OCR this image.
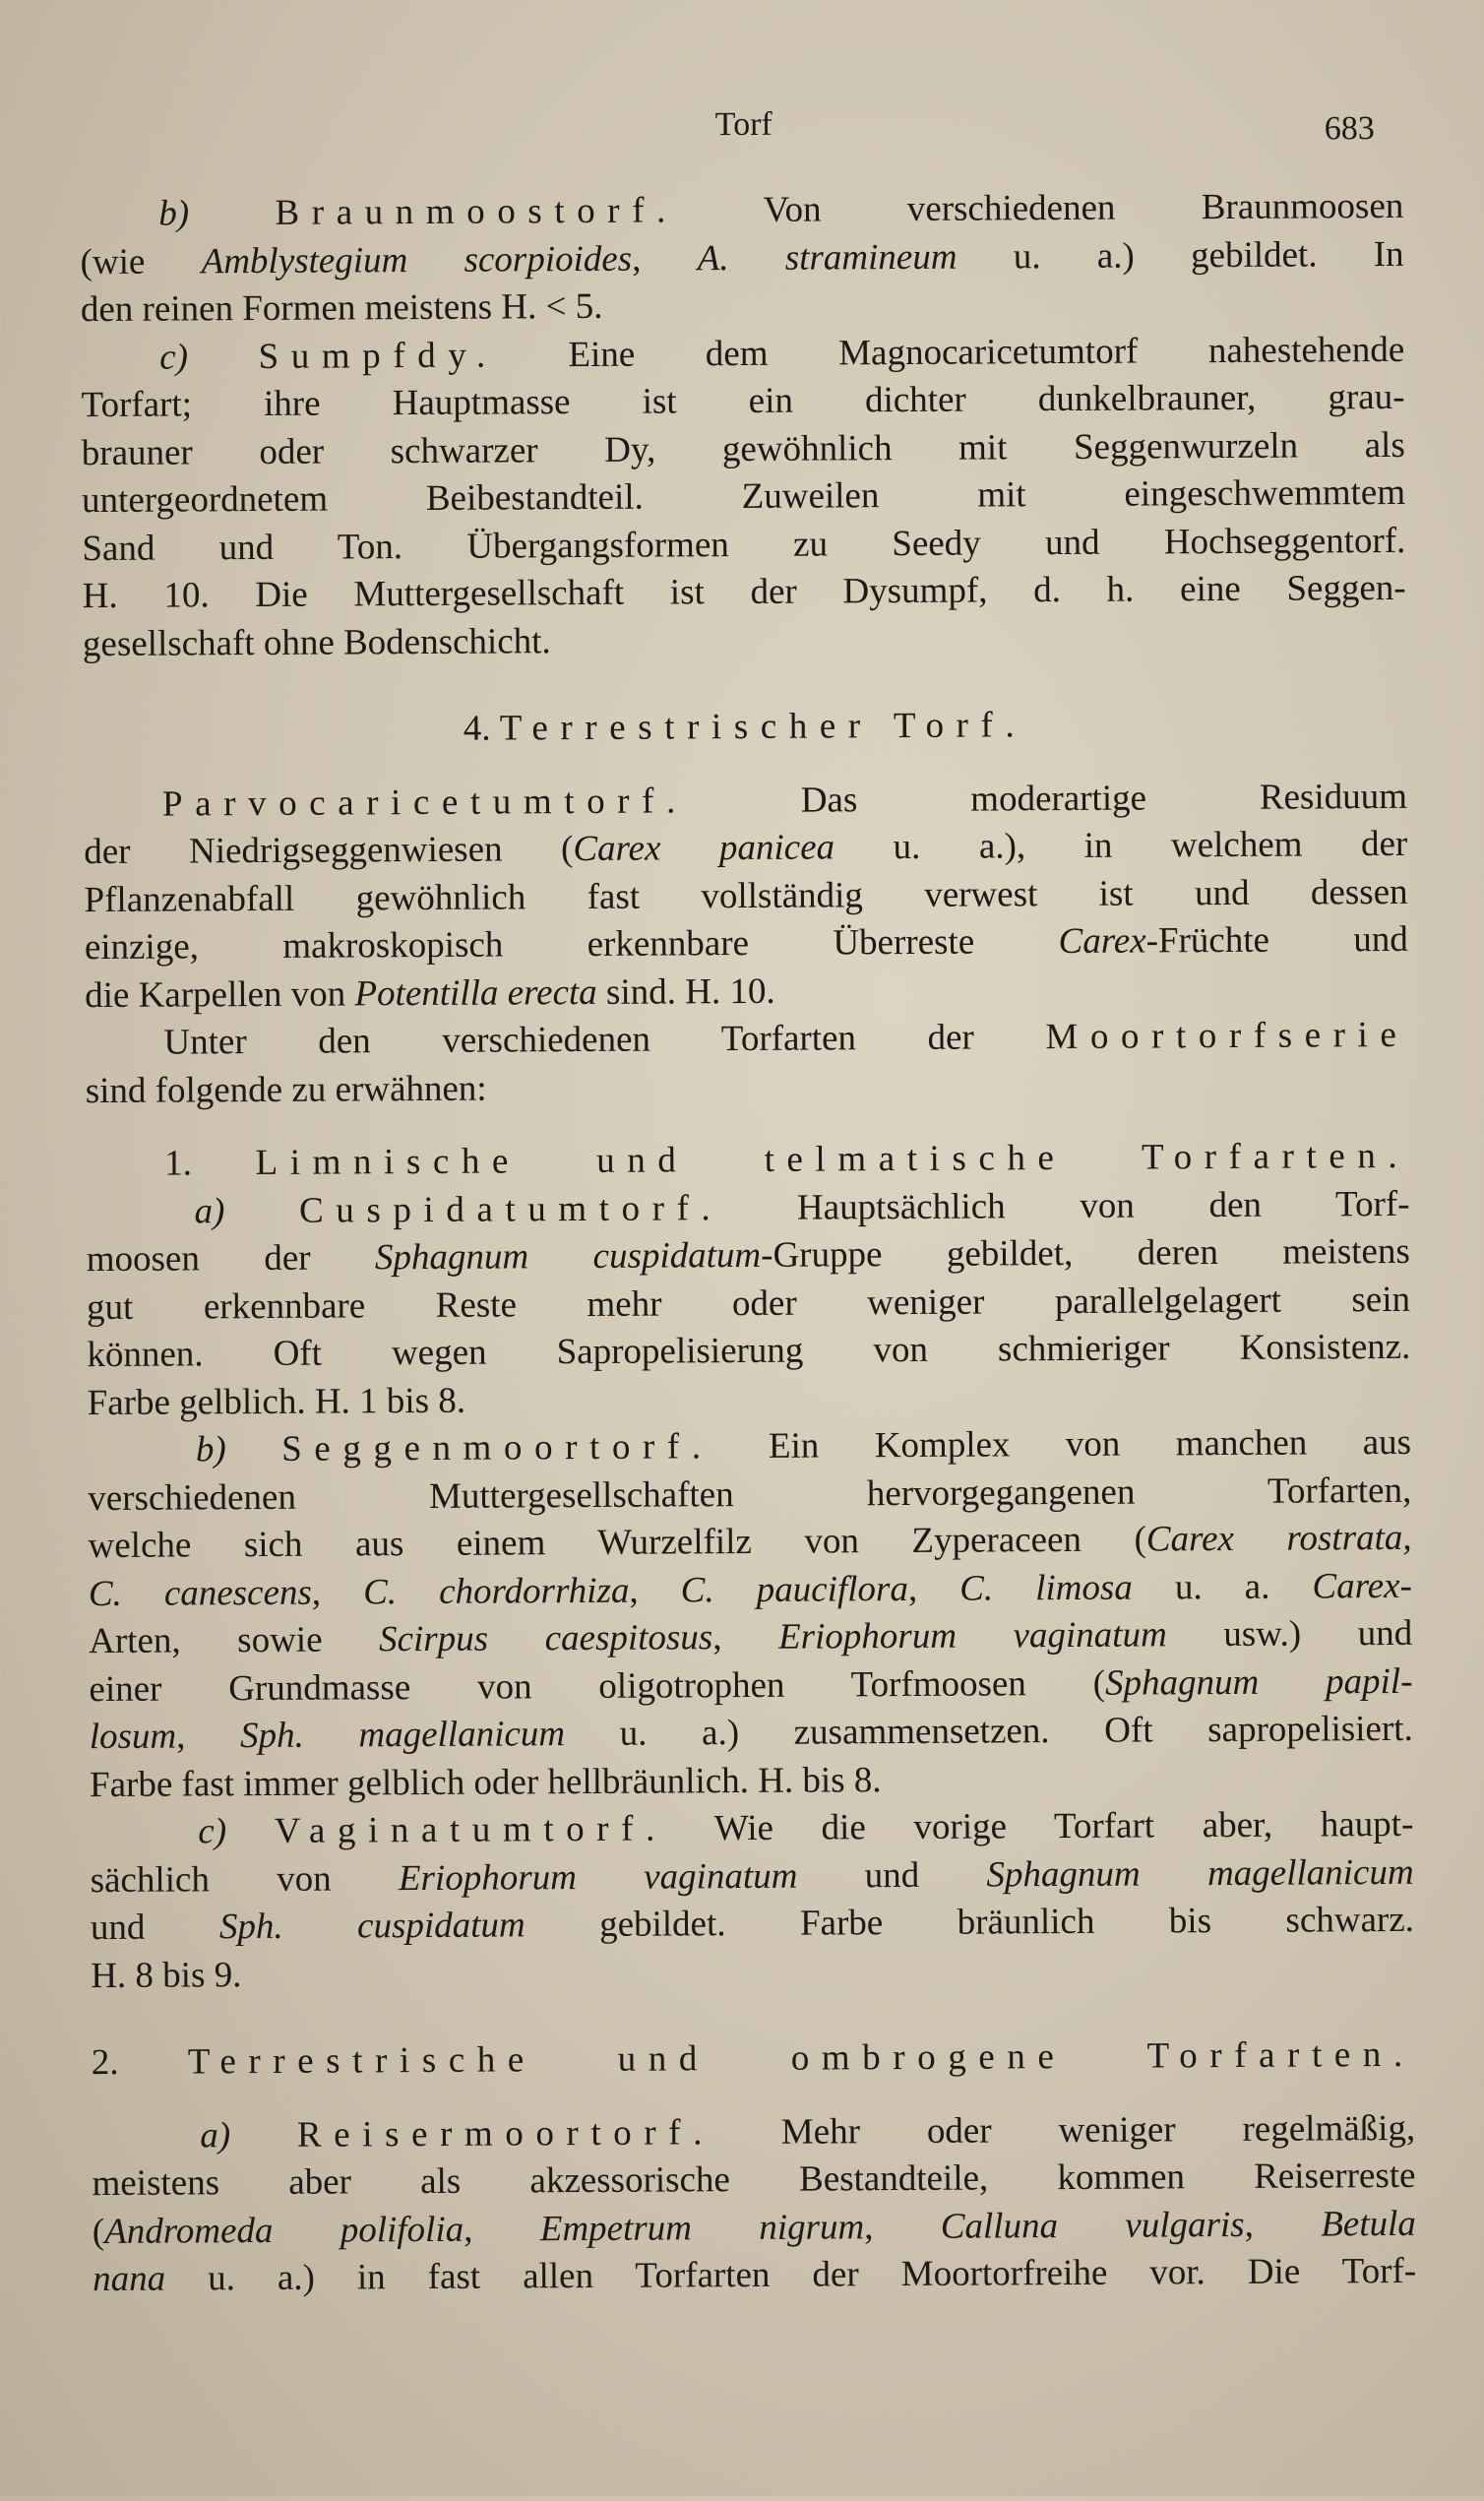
Torf	683
b) Braunmoostorf. Von verschiedenen Braunmoosen
(wie Amblystegium scorpioides, A. stramineum u. a.) gebildet. In
den reinen Formen meistens H. < 5.
c) Sumpfdy. Eine dem Magnocaricetumtorf nahestehende
Torfart; ihre Hauptmasse ist ein dichter dunkelbrauner, grau-
brauner oder schwarzer Dy, gewöhnlich mit Seggenwurzeln als
untergeordnetem Beibestandteil. Zuweilen mit eingeschwemmtem
Sand und Ton. Übergangsformen zu Seedy und Hochseggentorf.
H. 10. Die Muttergesellschaft ist der Dysumpf, d. h. eine Seggen-
gesellschaft ohne Bodenschicht.
4. Terrestrischer Torf.
Parvocaricetumtorf. Das moderartige Residuum
der Niedrigseggenwiesen (Carex panicea u. a.), in welchem der
Pflanzenabfall gewöhnlich fast vollständig verwest ist und dessen
einzige, makroskopisch erkennbare Überreste Carex-Früchte und
die Karpellen von Potentilla erecta sind. H. 10.
Unter den verschiedenen Torfarten der Moortorfserie
sind folgende zu erwähnen:
1. Limnische und telmatische Torfarten.
a) Cuspidatumtorf. Hauptsächlich von den Torf-
moosen der Sphagnum cuspidatum-Gruppe gebildet, deren meistens
gut erkennbare Reste mehr oder weniger parallelgelagert sein
können. Oft wegen Sapropelisierung von schmieriger Konsistenz.
Farbe gelblich. H. 1 bis 8.
b) Seggenmoortorf. Ein Komplex von manchen aus
verschiedenen Muttergesellschaften hervorgegangenen Torfarten,
welche sich aus einem Wurzelfilz von Zyperaceen (Carex rostrata,
C. canescens, C. chordorrhiza, C. pauciflora, C. limosa u. a. Carex-
Arten, sowie Scirpus caespitosus, Eriophorum vaginatum usw.) und
einer Grundmasse von oligotrophen Torfmoosen (Sphagnum papil-
losum, Sph. magellanicum u. a.) zusammensetzen. Oft sapropelisiert.
Farbe fast immer gelblich oder hellbräunlich. H. bis 8.
c) Vaginatumtorf. Wie die vorige Torfart aber, haupt-
sächlich von Eriophorum vaginatum und Sphagnum magellanicum
und Sph. cuspidatum gebildet. Farbe bräunlich bis schwarz.
H. 8 bis 9.
2. Terrestrische und ombrogene Torfarten.
a) Reisermoortorf. Mehr oder weniger regelmäßig,
meistens aber als akzessorische Bestandteile, kommen Reiserreste
(Andromeda polifolia, Empetrum nigrum, Calluna vulgaris, Betula
nana u. a.) in fast allen Torfarten der Moortorfreihe vor. Die Torf-
